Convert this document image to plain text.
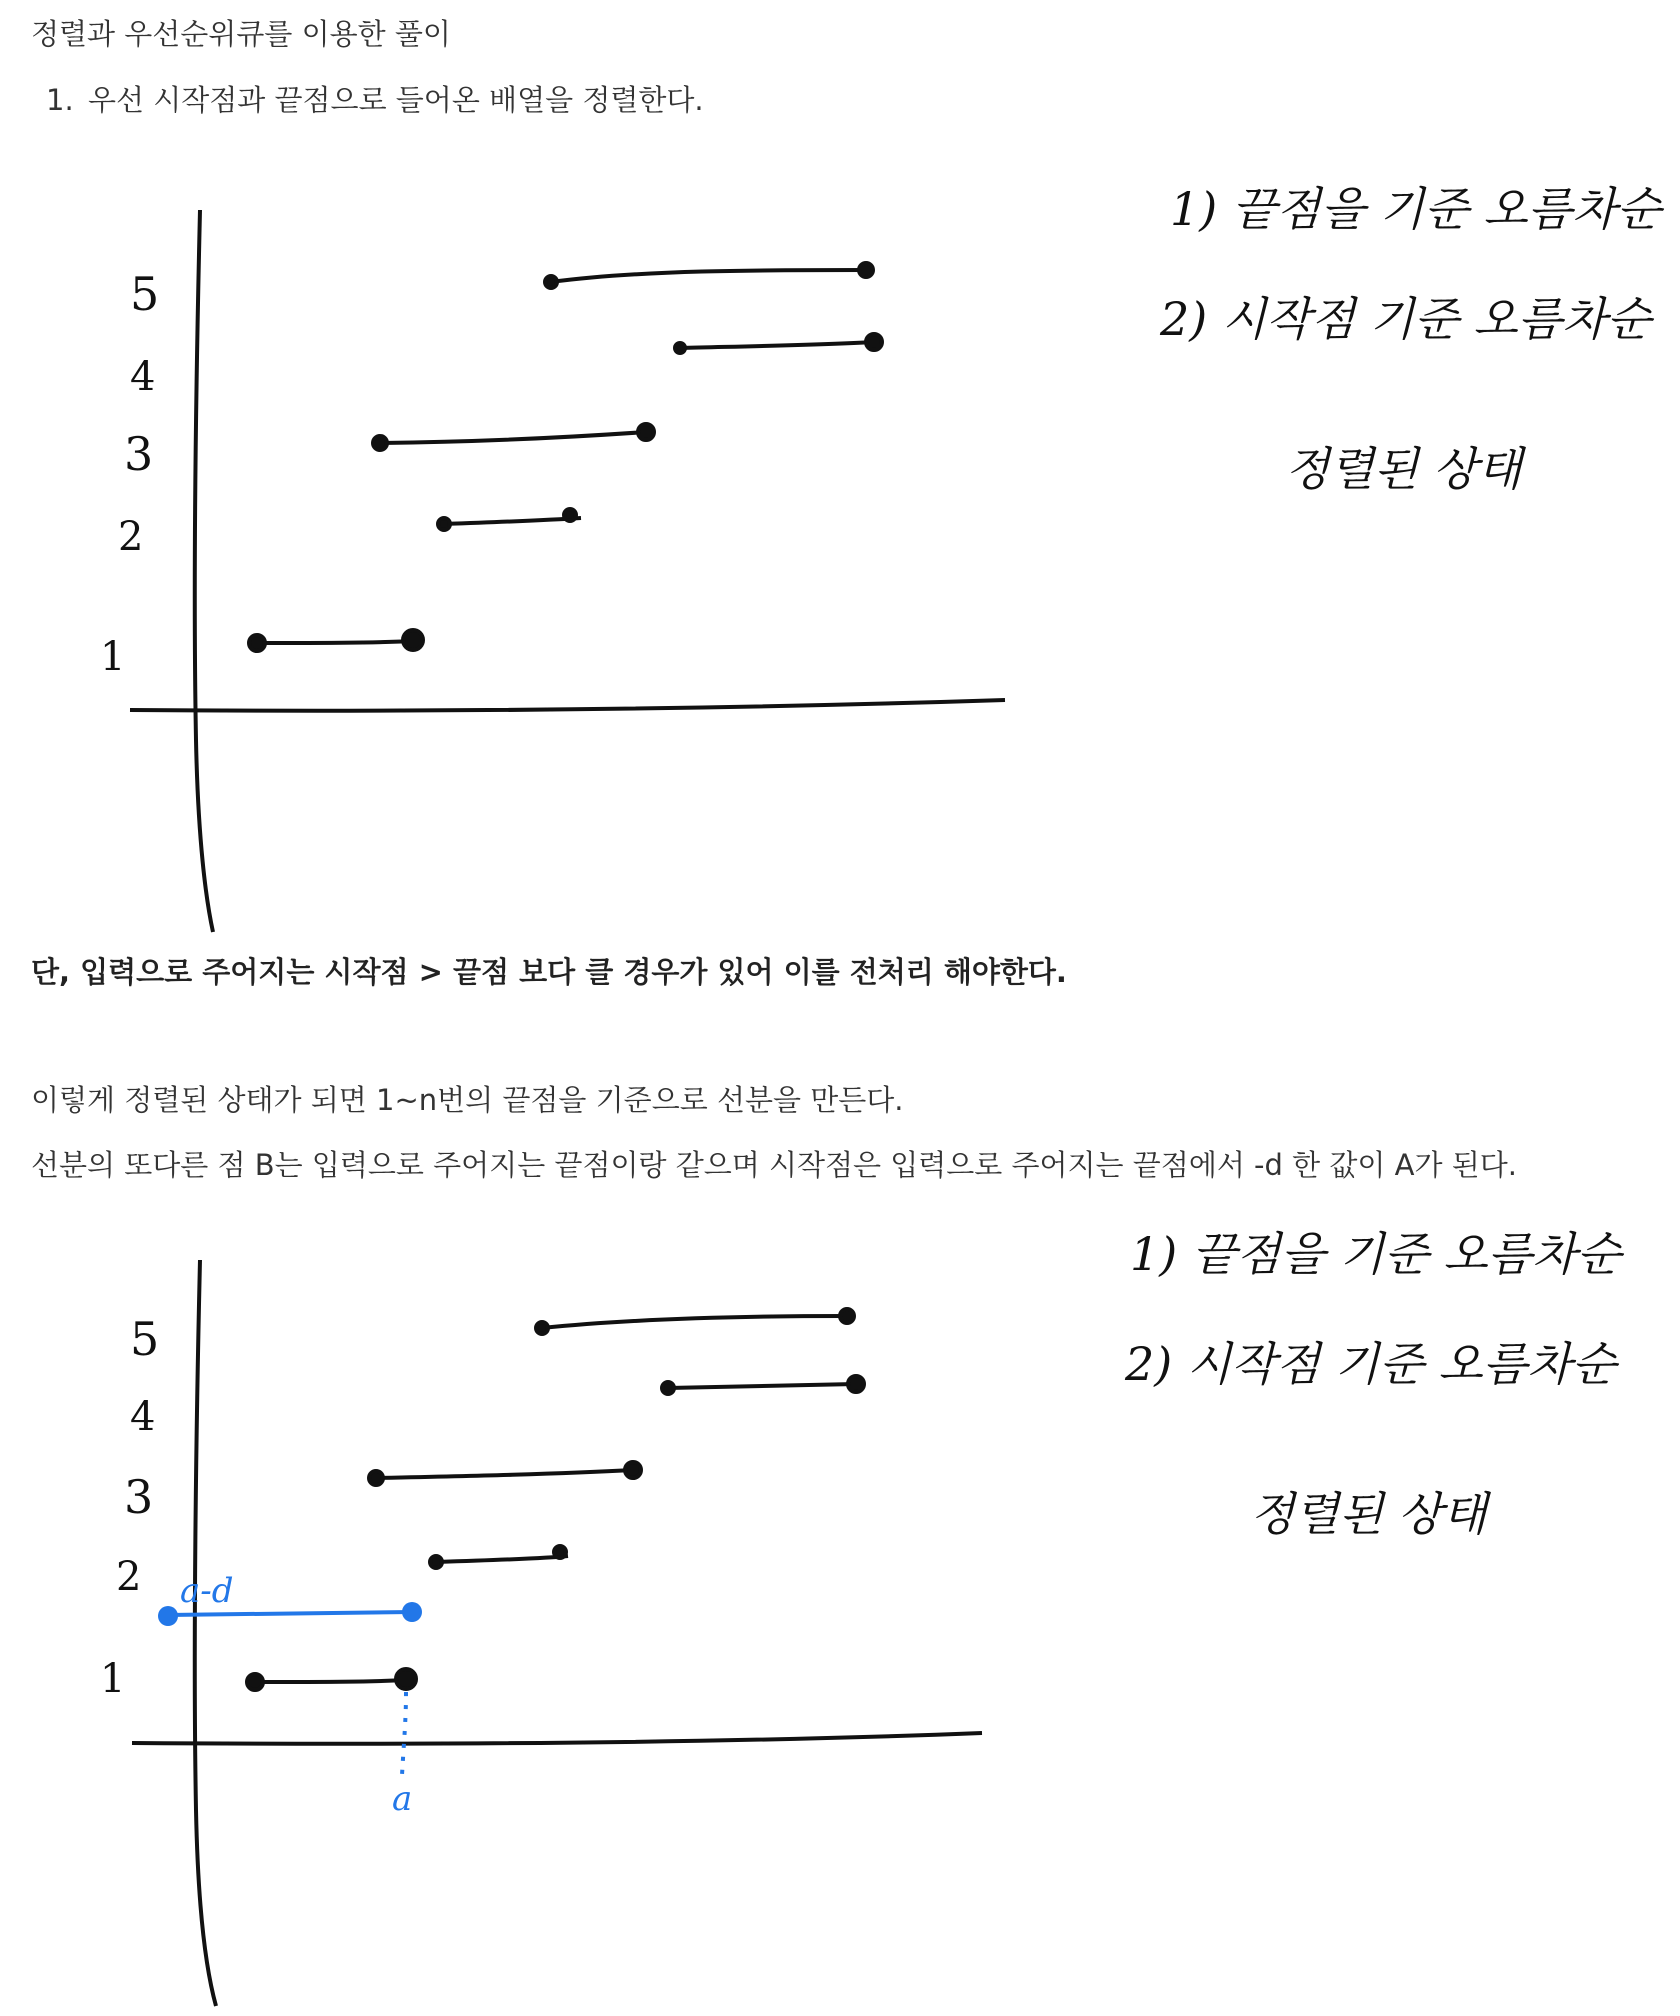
정렬과 우선순위큐를 이용한 풀이

1. 우선 시작점과 끝점으로 들어온 배열을 정렬한다.
5
4
3
2
1
1) 끝점을 기준 오름차순
2) 시작점 기준 오름차순
정렬된 상태

단, 입력으로 주어지는 시작점 > 끝점 보다 클 경우가 있어 이를 전처리 해야한다.

이렇게 정렬된 상태가 되면 1~n번의 끝점을 기준으로 선분을 만든다.

선분의 또다른 점 B는 입력으로 주어지는 끝점이랑 같으며 시작점은 입력으로 주어지는 끝점에서 -d 한 값이 A가 된다.

5
4
3
2
1
a-d
a
1) 끝점을 기준 오름차순
2) 시작점 기준 오름차순
정렬된 상태
